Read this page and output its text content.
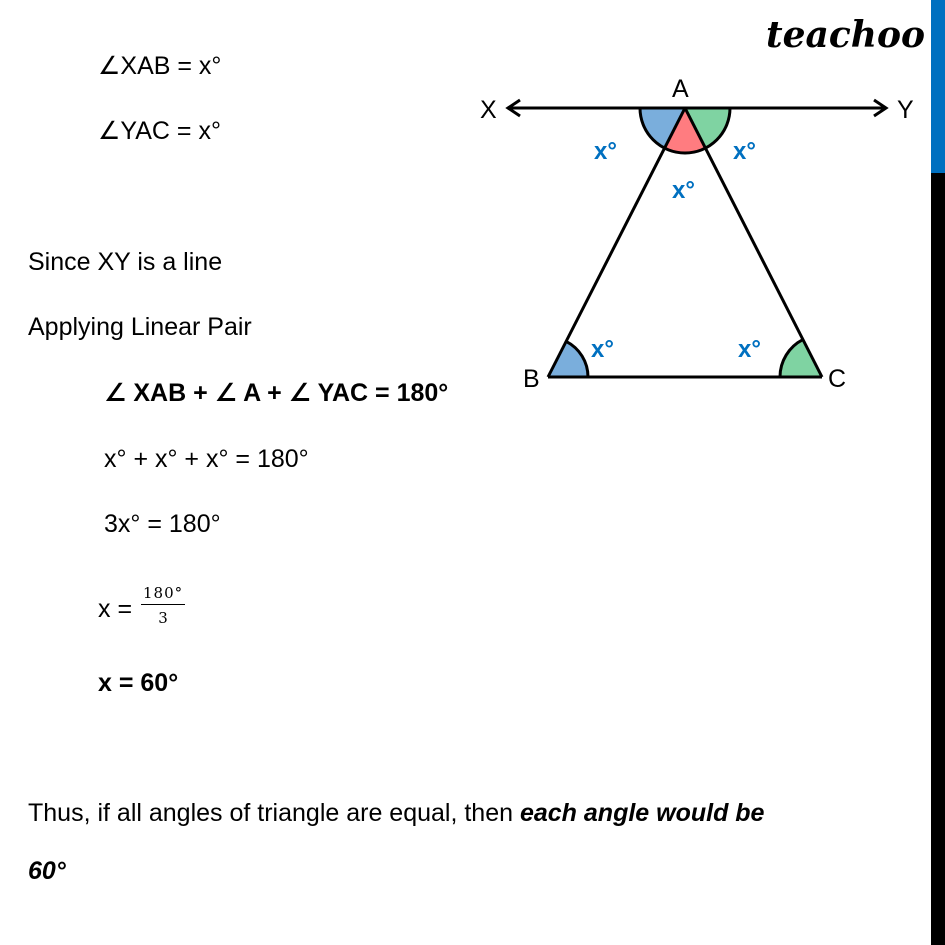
∠XAB = x°
∠YAC = x°
Since XY is a line
Applying Linear Pair
∠ XAB + ∠ A + ∠ YAC = 180°
x° + x° + x° = 180°
3x° = 180°
$x = \frac{180^\circ}{3}$
x = 60°
Thus, if all angles of triangle are equal, then each angle would be
60°
teachoo
A
X	Y
B	C
x°	x°
x°
x°	x°
